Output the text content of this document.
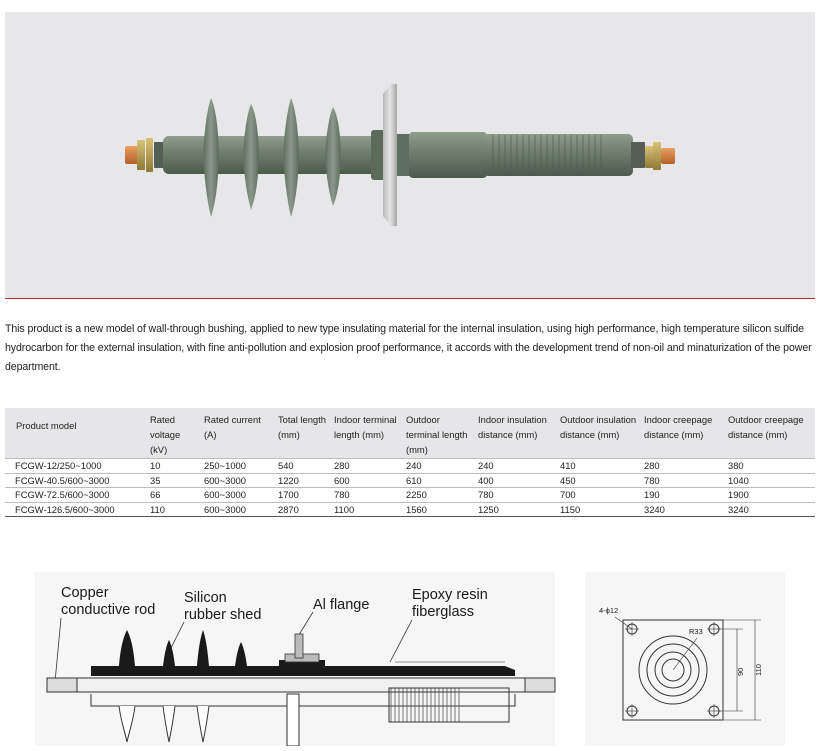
This product is a new model of wall-through bushing, applied to new type insulating material for the internal insulation, using high performance, high temperature silicon sulfide hydrocarbon for the external insulation, with fine anti-pollution and explosion proof performance, it accords with the development trend of non-oil and minaturization of the power department.

Product model	Rated voltage (kV)	Rated current (A)	Total length (mm)	Indoor terminal length (mm)	Outdoor terminal length (mm)	Indoor insulation distance (mm)	Outdoor insulation distance (mm)	Indoor creepage distance (mm)	Outdoor creepage distance (mm)
FCGW-12/250~1000	10	250~1000	540	280	240	240	410	280	380
FCGW-40.5/600~3000	35	600~3000	1220	600	610	400	450	780	1040
FCGW-72.5/600~3000	66	600~3000	1700	780	2250	780	700	190	1900
FCGW-126.5/600~3000	110	600~3000	2870	1100	1560	1250	1150	3240	3240
Copper
conductive rod
Silicon
rubber shed
Al flange
Epoxy resin
fiberglass	4-ϕ12
R33
90 110
